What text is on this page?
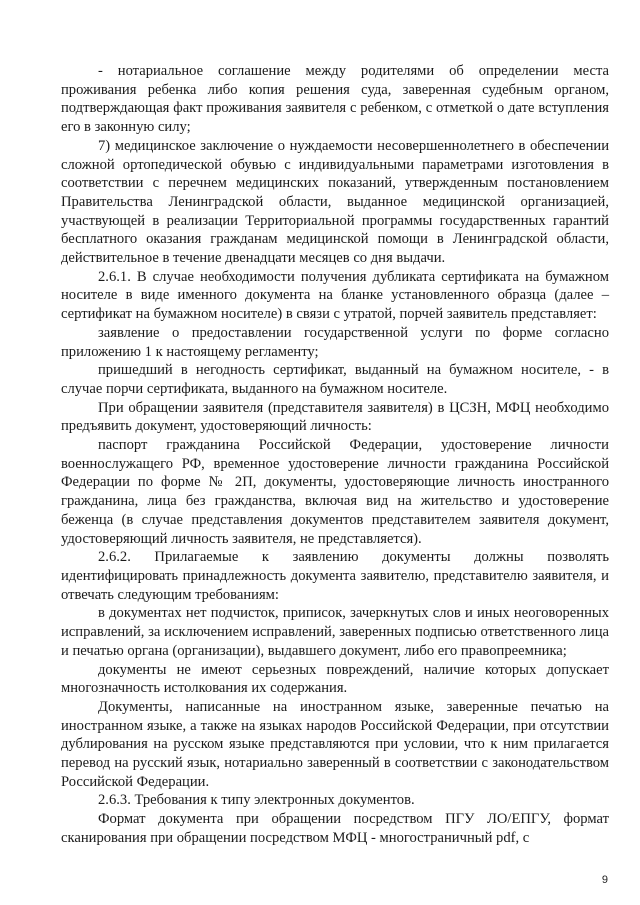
- нотариальное соглашение между родителями об определении места проживания ребенка либо копия решения суда, заверенная судебным органом, подтверждающая факт проживания заявителя с ребенком, с отметкой о дате вступления его в законную силу;

7) медицинское заключение о нуждаемости несовершеннолетнего в обеспечении сложной ортопедической обувью с индивидуальными параметрами изготовления в соответствии с перечнем медицинских показаний, утвержденным постановлением Правительства Ленинградской области, выданное медицинской организацией, участвующей в реализации Территориальной программы государственных гарантий бесплатного оказания гражданам медицинской помощи в Ленинградской области, действительное в течение двенадцати месяцев со дня выдачи.

2.6.1. В случае необходимости получения дубликата сертификата на бумажном носителе в виде именного документа на бланке установленного образца (далее – сертификат на бумажном носителе) в связи с утратой, порчей заявитель представляет:

заявление о предоставлении государственной услуги по форме согласно приложению 1 к настоящему регламенту;

пришедший в негодность сертификат, выданный на бумажном носителе, - в случае порчи сертификата, выданного на бумажном носителе.

При обращении заявителя (представителя заявителя) в ЦСЗН, МФЦ необходимо предъявить документ, удостоверяющий личность:

паспорт гражданина Российской Федерации, удостоверение личности военнослужащего РФ, временное удостоверение личности гражданина Российской Федерации по форме № 2П, документы, удостоверяющие личность иностранного гражданина, лица без гражданства, включая вид на жительство и удостоверение беженца (в случае представления документов представителем заявителя документ, удостоверяющий личность заявителя, не представляется).

2.6.2. Прилагаемые к заявлению документы должны позволять идентифицировать принадлежность документа заявителю, представителю заявителя, и отвечать следующим требованиям:

в документах нет подчисток, приписок, зачеркнутых слов и иных неоговоренных исправлений, за исключением исправлений, заверенных подписью ответственного лица и печатью органа (организации), выдавшего документ, либо его правопреемника;

документы не имеют серьезных повреждений, наличие которых допускает многозначность истолкования их содержания.

Документы, написанные на иностранном языке, заверенные печатью на иностранном языке, а также на языках народов Российской Федерации, при отсутствии дублирования на русском языке представляются при условии, что к ним прилагается перевод на русский язык, нотариально заверенный в соответствии с законодательством Российской Федерации.

2.6.3. Требования к типу электронных документов.

Формат документа при обращении посредством ПГУ ЛО/ЕПГУ, формат сканирования при обращении посредством МФЦ - многостраничный pdf, с

9
